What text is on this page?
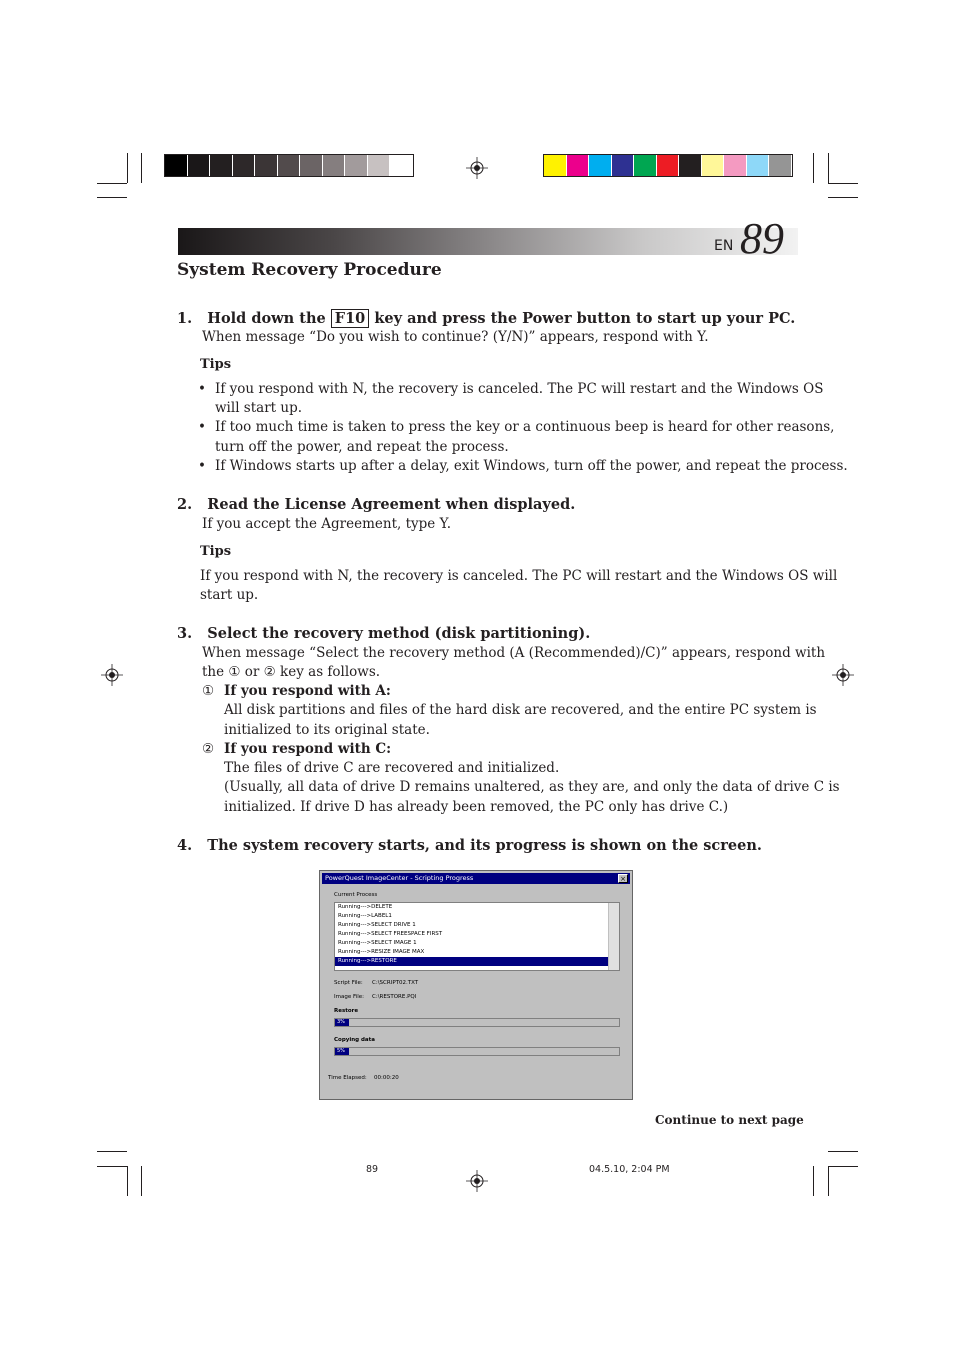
EN 89
System Recovery Procedure
1. Hold down the F10 key and press the Power button to start up your PC.
When message “Do you wish to continue? (Y/N)” appears, respond with Y.
Tips
• If you respond with N, the recovery is canceled. The PC will restart and the Windows OS
will start up.
• If too much time is taken to press the key or a continuous beep is heard for other reasons,
turn off the power, and repeat the process.
• If Windows starts up after a delay, exit Windows, turn off the power, and repeat the process.
2. Read the License Agreement when displayed.
If you accept the Agreement, type Y.
Tips
If you respond with N, the recovery is canceled. The PC will restart and the Windows OS will
start up.
3. Select the recovery method (disk partitioning).
When message “Select the recovery method (A (Recommended)/C)” appears, respond with
the ① or ② key as follows.
① If you respond with A:
All disk partitions and files of the hard disk are recovered, and the entire PC system is
initialized to its original state.
② If you respond with C:
The files of drive C are recovered and initialized.
(Usually, all data of drive D remains unaltered, as they are, and only the data of drive C is
initialized. If drive D has already been removed, the PC only has drive C.)
4. The system recovery starts, and its progress is shown on the screen.
PowerQuest ImageCenter - Scripting Progress	×
Current Process
Running--->DELETE
Running--->LABEL1
Running--->SELECT DRIVE 1
Running--->SELECT FREESPACE FIRST
Running--->SELECT IMAGE 1
Running--->RESIZE IMAGE MAX
Running--->RESTORE
Script File: C:\SCRIPT02.TXT
Image File: C:\RESTORE.PQI
Restore
3%
Copying data
5%
Time Elapsed: 00:00:20
Continue to next page
89	04.5.10, 2:04 PM
